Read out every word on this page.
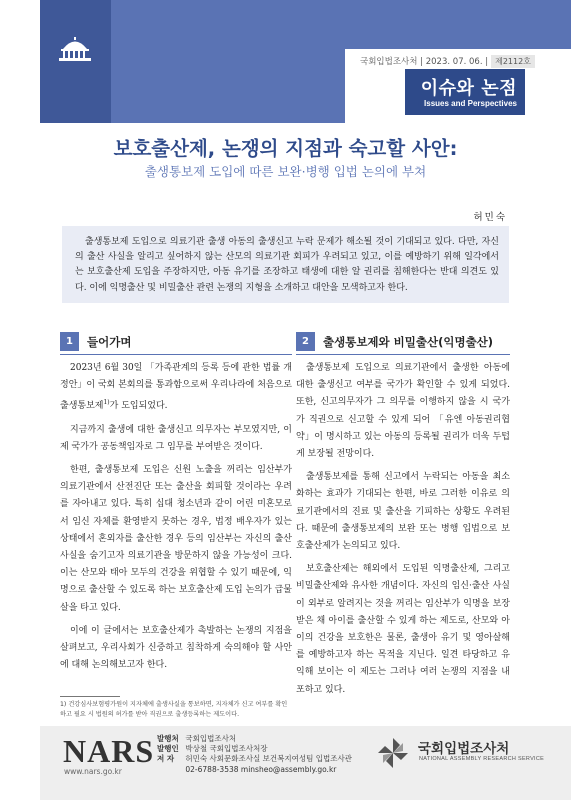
국회입법조사처 | 2023. 07. 06. | 제2112호
이슈와 논점
Issues and Perspectives
보호출산제, 논쟁의 지점과 숙고할 사안:
출생통보제 도입에 따른 보완·병행 입법 논의에 부쳐
허민숙

출생통보제 도입으로 의료기관 출생 아동의 출생신고 누락 문제가 해소될 것이 기대되고 있다. 다만, 자신의 출산 사실을 알리고 싶어하지 않는 산모의 의료기관 회피가 우려되고 있고, 이를 예방하기 위해 일각에서는 보호출산제 도입을 주장하지만, 아동 유기를 조장하고 태생에 대한 알 권리를 침해한다는 반대 의견도 있다. 이에 익명출산 및 비밀출산 관련 논쟁의 지형을 소개하고 대안을 모색하고자 한다.

1	들어가며

2023년 6월 30일 「가족관계의 등록 등에 관한 법률 개정안」이 국회 본회의를 통과함으로써 우리나라에 처음으로 출생통보제$^{1)}$가 도입되었다.

지금까지 출생에 대한 출생신고 의무자는 부모였지만, 이제 국가가 공동책임자로 그 임무를 부여받은 것이다.

한편, 출생통보제 도입은 신원 노출을 꺼리는 임산부가 의료기관에서 산전진단 또는 출산을 회피할 것이라는 우려를 자아내고 있다. 특히 십대 청소년과 같이 어린 미혼모로서 임신 자체를 환영받지 못하는 경우, 법정 배우자가 있는 상태에서 혼외자를 출산한 경우 등의 임산부는 자신의 출산 사실을 숨기고자 의료기관을 방문하지 않을 가능성이 크다. 이는 산모와 태아 모두의 건강을 위협할 수 있기 때문에, 익명으로 출산할 수 있도록 하는 보호출산제 도입 논의가 급물살을 타고 있다.

이에 이 글에서는 보호출산제가 촉발하는 논쟁의 지점을 살펴보고, 우리사회가 신중하고 침착하게 숙의해야 할 사안에 대해 논의해보고자 한다.

2	출생통보제와 비밀출산(익명출산)

출생통보제 도입으로 의료기관에서 출생한 아동에 대한 출생신고 여부를 국가가 확인할 수 있게 되었다. 또한, 신고의무자가 그 의무를 이행하지 않을 시 국가가 직권으로 신고할 수 있게 되어 「유엔 아동권리협약」이 명시하고 있는 아동의 등록될 권리가 더욱 두텁게 보장될 전망이다.

출생통보제를 통해 신고에서 누락되는 아동을 최소화하는 효과가 기대되는 한편, 바로 그러한 이유로 의료기관에서의 진료 및 출산을 기피하는 상황도 우려된다. 때문에 출생통보제의 보완 또는 병행 입법으로 보호출산제가 논의되고 있다.

보호출산제는 해외에서 도입된 익명출산제, 그리고 비밀출산제와 유사한 개념이다. 자신의 임신·출산 사실이 외부로 알려지는 것을 꺼리는 임산부가 익명을 보장받은 채 아이를 출산할 수 있게 하는 제도로, 산모와 아이의 건강을 보호한은 물론, 출생아 유기 및 영아살해를 예방하고자 하는 목적을 지닌다. 일견 타당하고 유익해 보이는 이 제도는 그러나 여러 논쟁의 지점을 내포하고 있다.

1) 건강심사보험평가원이 지자체에 출생사실을 통보하면, 지자체가 신고 여부를 확인하고 필요 시 법원의 허가를 받아 직권으로 출생등록하는 제도이다.
NARS
www.nars.go.kr
발행처 국회입법조사처
발행인 박상철 국회입법조사처장
저 자 허민숙 사회문화조사실 보건복지여성팀 입법조사관
02-6788-3538 minsheo@assembly.go.kr
국회입법조사처
NATIONAL ASSEMBLY RESEARCH SERVICE
